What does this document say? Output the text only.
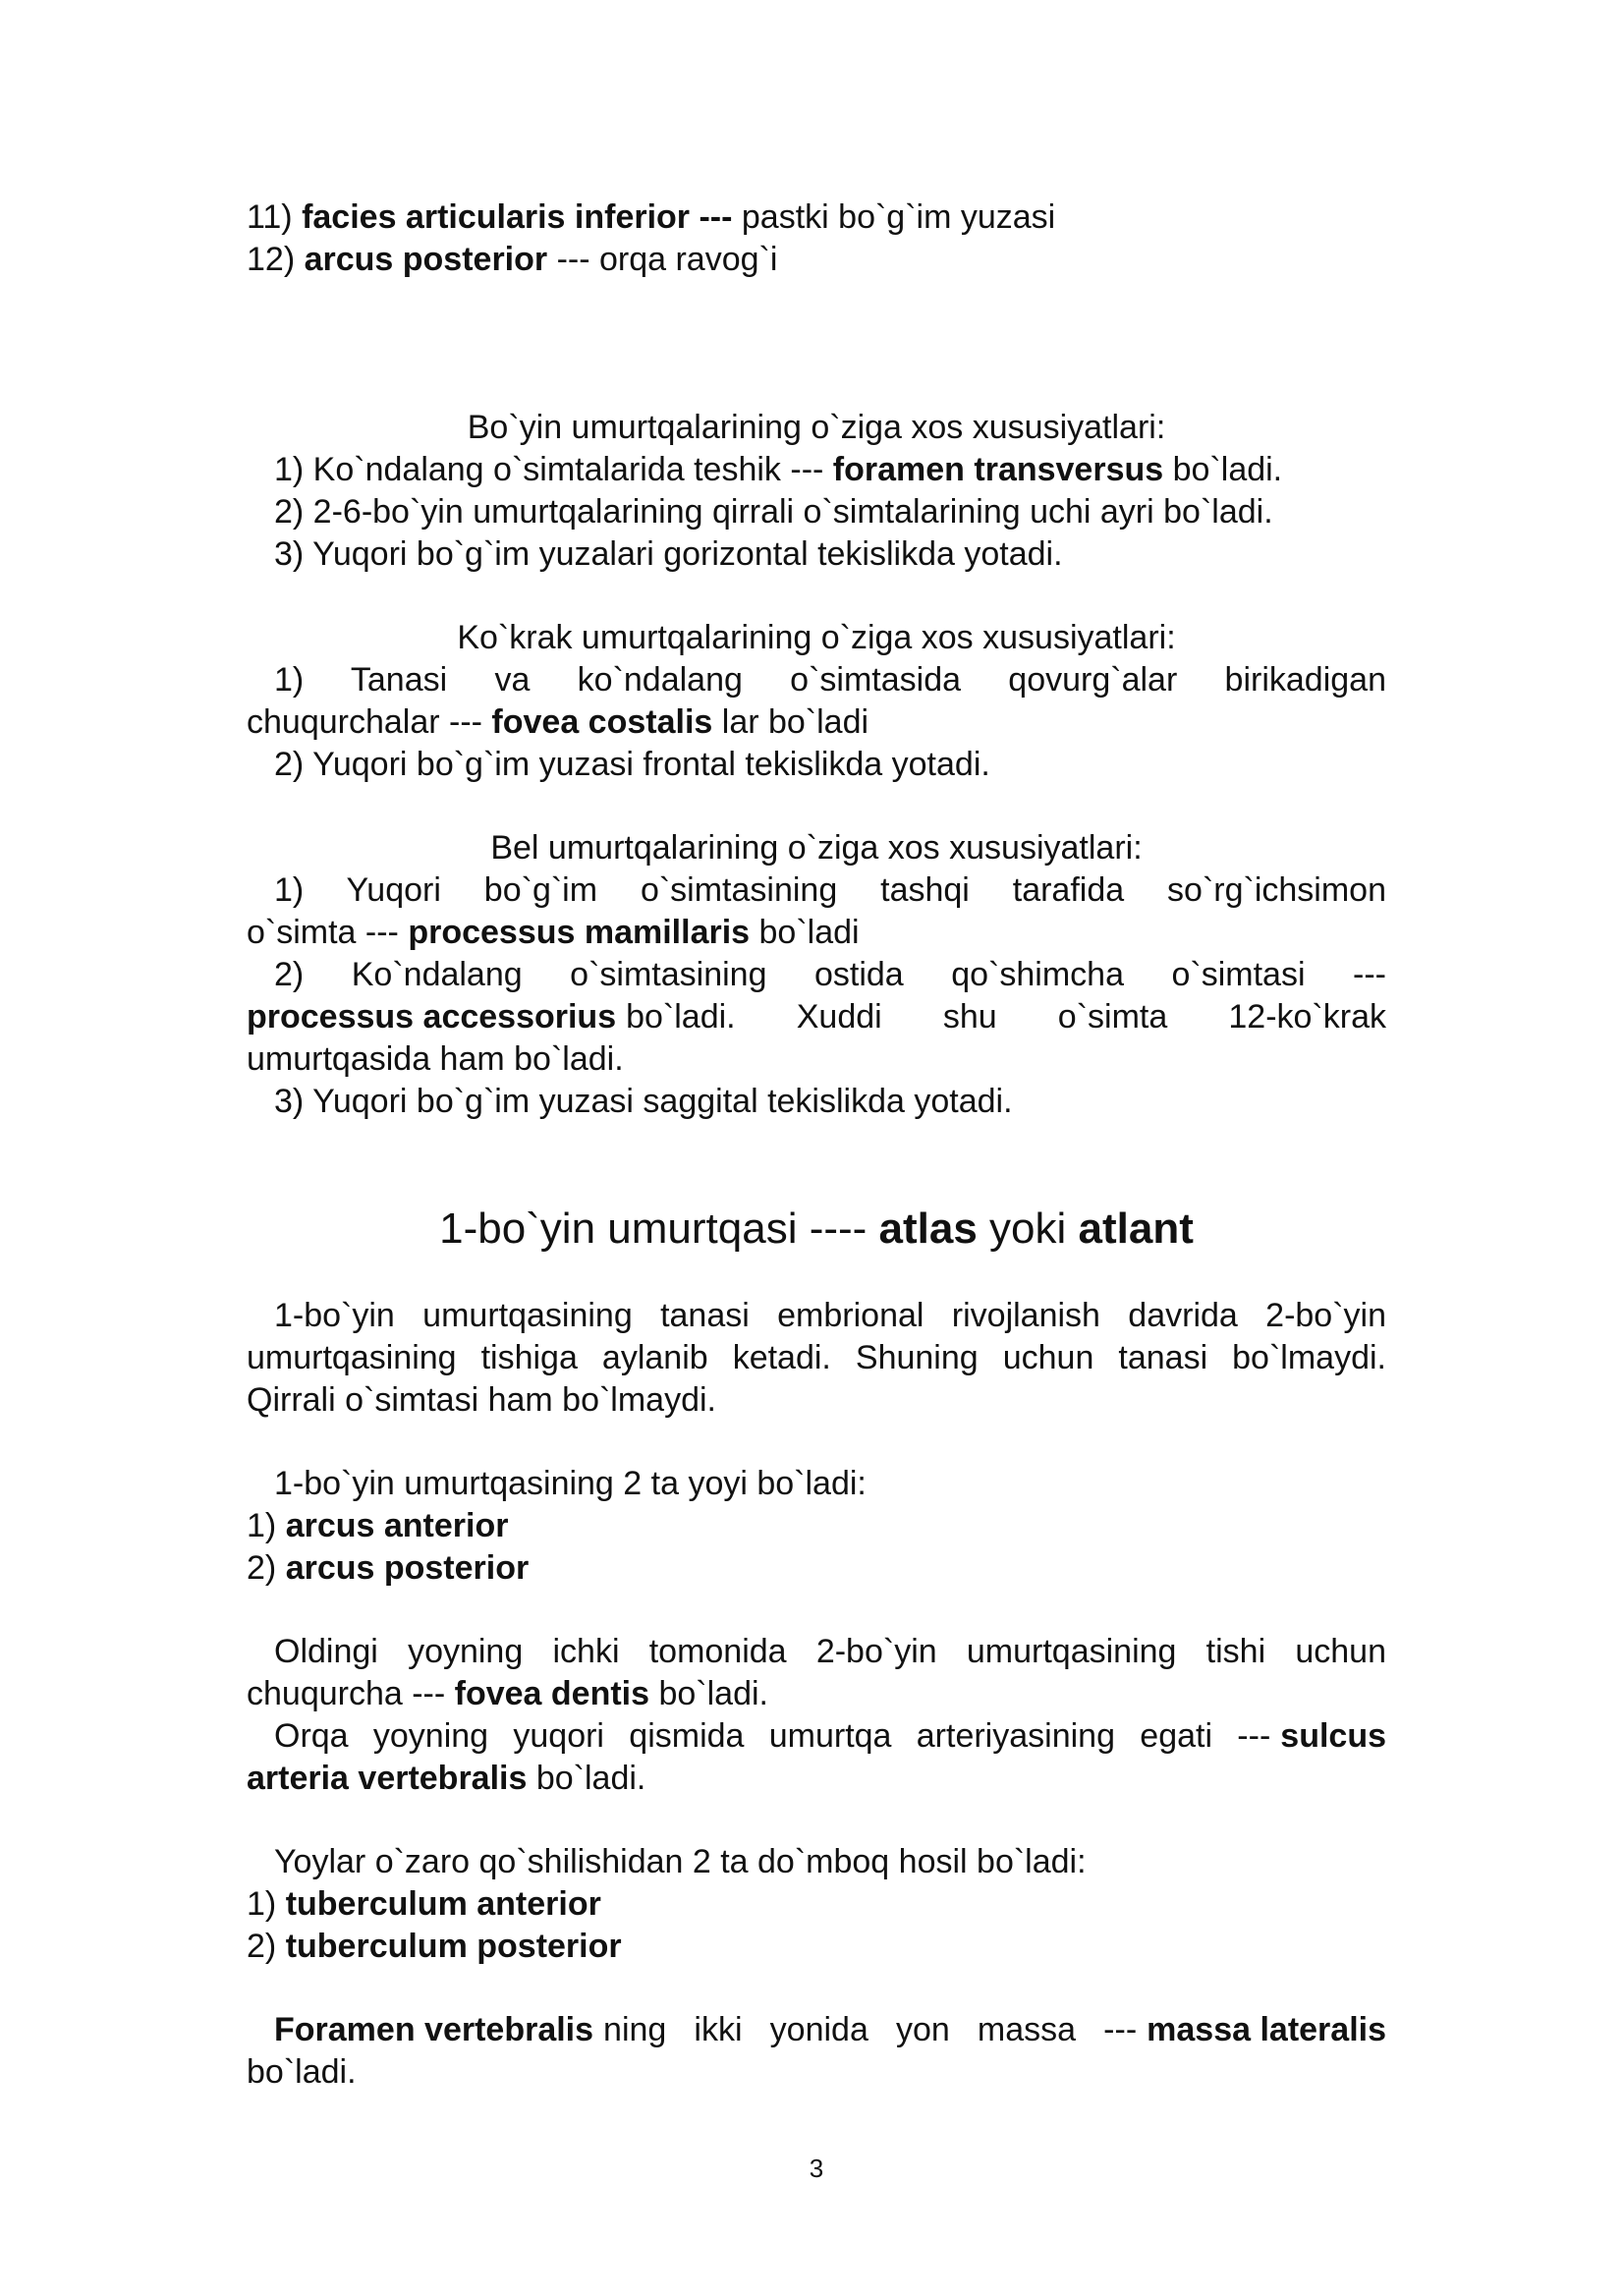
11) facies articularis inferior --- pastki bo`g`im yuzasi
12) arcus posterior --- orqa ravog`i
Bo`yin umurtqalarining o`ziga xos xususiyatlari:
1) Ko`ndalang o`simtalarida teshik --- foramen transversus bo`ladi.
2) 2-6-bo`yin umurtqalarining qirrali o`simtalarining uchi ayri bo`ladi.
3) Yuqori bo`g`im yuzalari gorizontal tekislikda yotadi.
Ko`krak umurtqalarining o`ziga xos xususiyatlari:
1) Tanasi va ko`ndalang o`simtasida qovurg`alar birikadigan
chuqurchalar --- fovea costalis lar bo`ladi
2) Yuqori bo`g`im yuzasi frontal tekislikda yotadi.
Bel umurtqalarining o`ziga xos xususiyatlari:
1) Yuqori bo`g`im o`simtasining tashqi tarafida so`rg`ichsimon
o`simta --- processus mamillaris bo`ladi
2) Ko`ndalang o`simtasining ostida qo`shimcha o`simtasi ---
processus accessorius bo`ladi. Xuddi shu o`simta 12-ko`krak
umurtqasida ham bo`ladi.
3) Yuqori bo`g`im yuzasi saggital tekislikda yotadi.
1-bo`yin umurtqasi ---- atlas yoki atlant
1-bo`yin umurtqasining tanasi embrional rivojlanish davrida 2-bo`yin
umurtqasining tishiga aylanib ketadi. Shuning uchun tanasi bo`lmaydi.
Qirrali o`simtasi ham bo`lmaydi.
1-bo`yin umurtqasining 2 ta yoyi bo`ladi:
1) arcus anterior
2) arcus posterior
Oldingi yoyning ichki tomonida 2-bo`yin umurtqasining tishi uchun
chuqurcha --- fovea dentis bo`ladi.
Orqa yoyning yuqori qismida umurtqa arteriyasining egati --- sulcus
arteria vertebralis bo`ladi.
Yoylar o`zaro qo`shilishidan 2 ta do`mboq hosil bo`ladi:
1) tuberculum anterior
2) tuberculum posterior
Foramen vertebralis ning ikki yonida yon massa --- massa lateralis
bo`ladi.
3
